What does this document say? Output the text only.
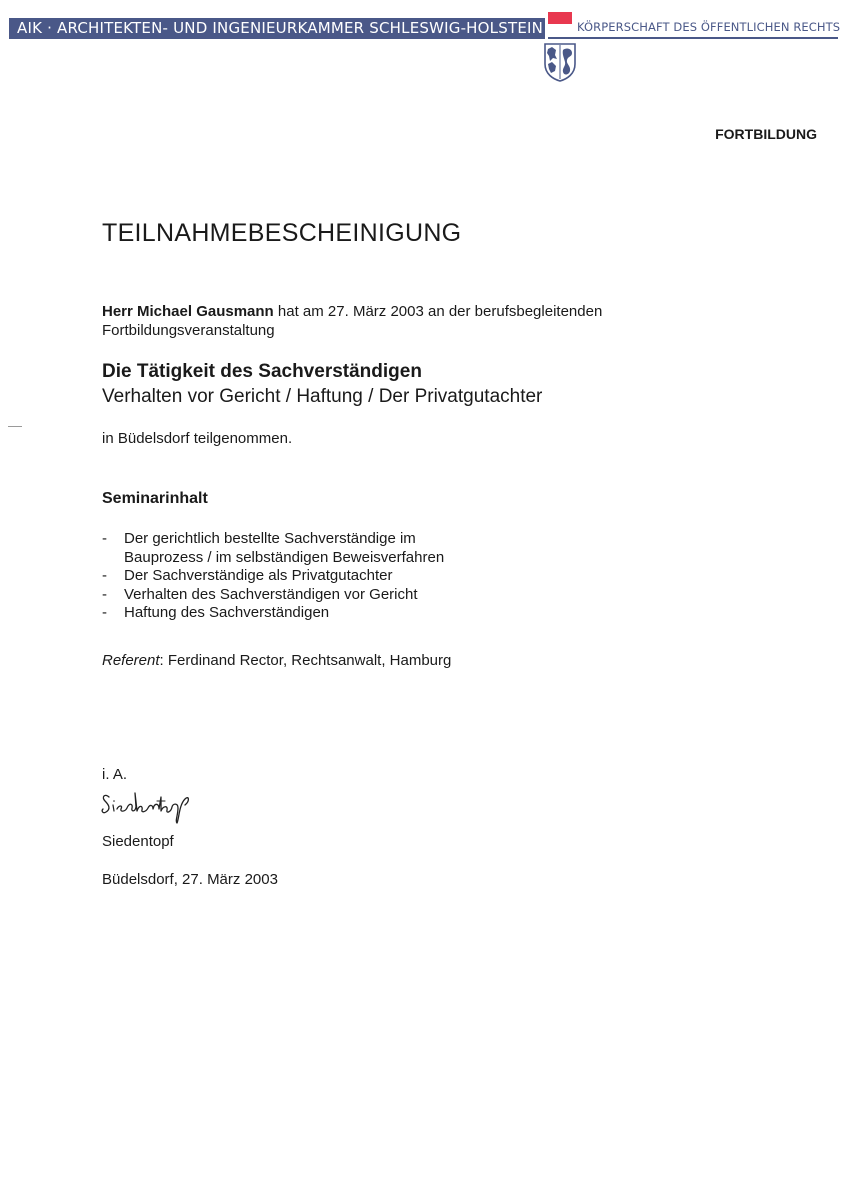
AIK · ARCHITEKTEN- UND INGENIEURKAMMER SCHLESWIG-HOLSTEIN	KÖRPERSCHAFT DES ÖFFENTLICHEN RECHTS
FORTBILDUNG
TEILNAHMEBESCHEINIGUNG
Herr Michael Gausmann hat am 27. März 2003 an der berufsbegleitenden
Fortbildungsveranstaltung
Die Tätigkeit des Sachverständigen
Verhalten vor Gericht / Haftung / Der Privatgutachter
in Büdelsdorf teilgenommen.
Seminarinhalt
- Der gerichtlich bestellte Sachverständige im
Bauprozess / im selbständigen Beweisverfahren
- Der Sachverständige als Privatgutachter
- Verhalten des Sachverständigen vor Gericht
- Haftung des Sachverständigen
Referent: Ferdinand Rector, Rechtsanwalt, Hamburg
i. A.
Siedentopf
Büdelsdorf, 27. März 2003
